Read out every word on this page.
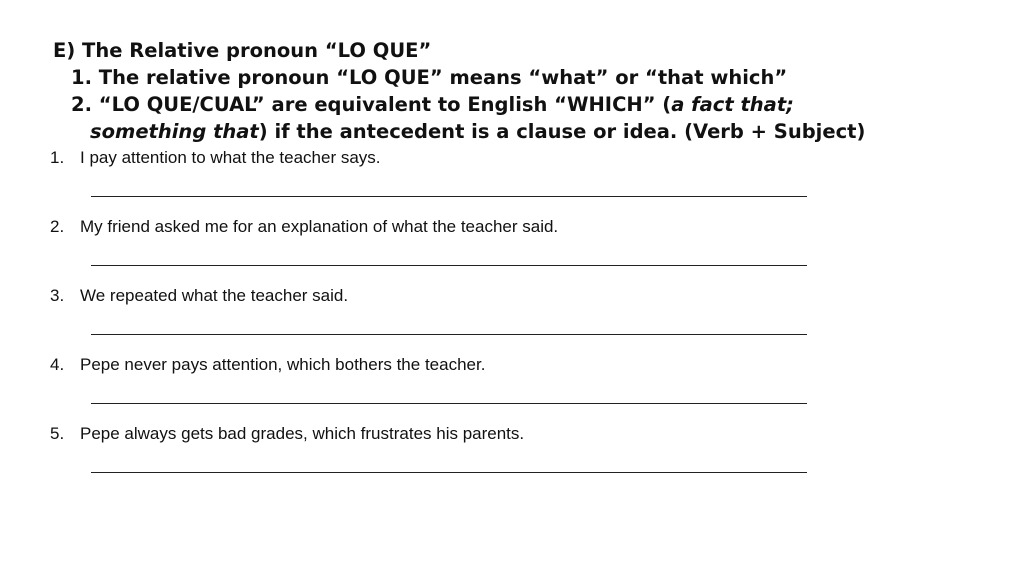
E) The Relative pronoun “LO QUE”
1. The relative pronoun “LO QUE” means “what” or “that which”
2. “LO QUE/CUAL” are equivalent to English “WHICH” (a fact that;
something that) if the antecedent is a clause or idea. (Verb + Subject)
1. I pay attention to what the teacher says.
2. My friend asked me for an explanation of what the teacher said.
3. We repeated what the teacher said.
4. Pepe never pays attention, which bothers the teacher.
5. Pepe always gets bad grades, which frustrates his parents.
